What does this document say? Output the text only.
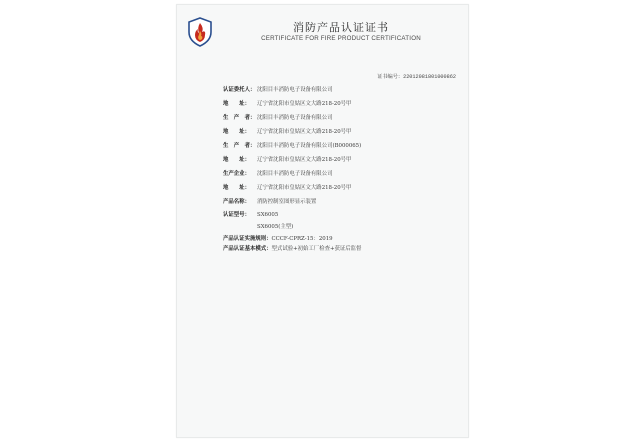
消防产品认证证书
CERTIFICATE FOR FIRE PRODUCT CERTIFICATION
证书编号：22012081801000862
认证委托人： 沈阳目丰消防电子设备有限公司
地　　址： 辽宁省沈阳市皇姑区文大路218-20号甲
生　产　者： 沈阳目丰消防电子设备有限公司
地　　址： 辽宁省沈阳市皇姑区文大路218-20号甲
生　产　者： 沈阳目丰消防电子设备有限公司(B000065)
地　　址： 辽宁省沈阳市皇姑区文大路218-20号甲
生产企业： 沈阳目丰消防电子设备有限公司
地　　址： 辽宁省沈阳市皇姑区文大路218-20号甲
产品名称： 消防控制室图形显示装置
认证型号： SX6005
SX6005(主型)
产品认证实施规则：CCCF-CPRZ-15：2019
产品认证基本模式：型式试验+初始工厂检查+获证后监督
